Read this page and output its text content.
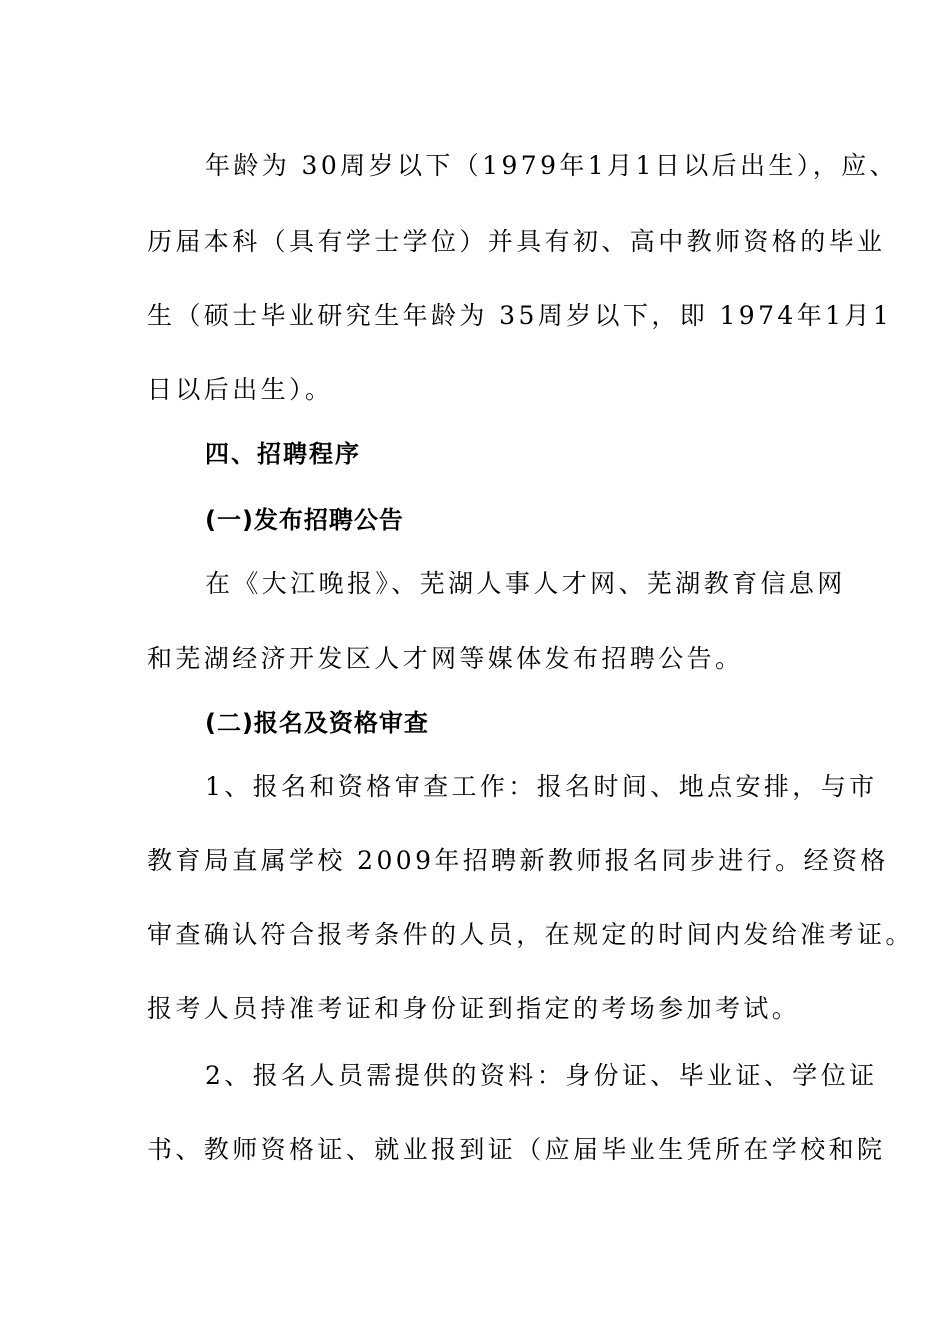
年龄为 30周岁以下（1979年1月1日以后出生），应、
历届本科（具有学士学位）并具有初、高中教师资格的毕业
生（硕士毕业研究生年龄为 35周岁以下，即 1974年1月1
日以后出生）。
四、招聘程序
(一)发布招聘公告
在《大江晚报》、芜湖人事人才网、芜湖教育信息网
和芜湖经济开发区人才网等媒体发布招聘公告。
(二)报名及资格审查
1、报名和资格审查工作：报名时间、地点安排，与市
教育局直属学校 2009年招聘新教师报名同步进行。经资格
审查确认符合报考条件的人员，在规定的时间内发给准考证。
报考人员持准考证和身份证到指定的考场参加考试。
2、报名人员需提供的资料：身份证、毕业证、学位证
书、教师资格证、就业报到证（应届毕业生凭所在学校和院
